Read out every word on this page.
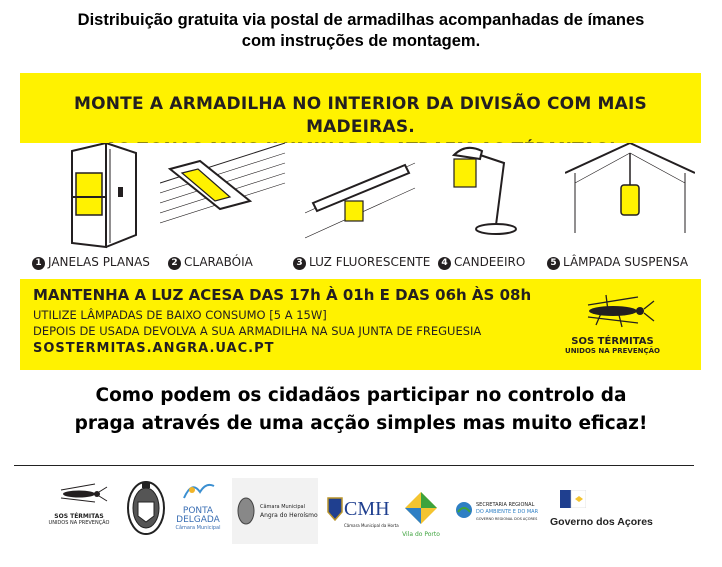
Distribuição gratuita via postal de armadilhas acompanhadas de ímanes
com instruções de montagem.
MONTE A ARMADILHA NO INTERIOR DA DIVISÃO COM MAIS MADEIRAS.
1 JANELAS PLANAS	2 CLARABÓIA	3 LUZ FLUORESCENTE	4 CANDEEIRO	5 LÂMPADA SUSPENSA
MANTENHA A LUZ ACESA DAS 17h À 01h E DAS 06h ÀS 08h
UTILIZE LÂMPADAS DE BAIXO CONSUMO [5 A 15W]
DEPOIS DE USADA DEVOLVA A SUA ARMADILHA NA SUA JUNTA DE FREGUESIA
SOSTERMITAS.ANGRA.UAC.PT	SOS TÉRMITAS
UNIDOS NA PREVENÇÃO
Como podem os cidadãos participar no controlo da
praga através de uma acção simples mas muito eficaz!
SOS TÉRMITAS
UNIDOS NA PREVENÇÃO
PONTA
DELGADA
Câmara Municipal
Câmara Municipal
Angra do Heroísmo CMH
Câmara Municipal da Horta
Vila do Porto
SECRETARIA REGIONAL
DO AMBIENTE E DO MAR
GOVERNO REGIONAL DOS AÇORES Governo dos Açores
